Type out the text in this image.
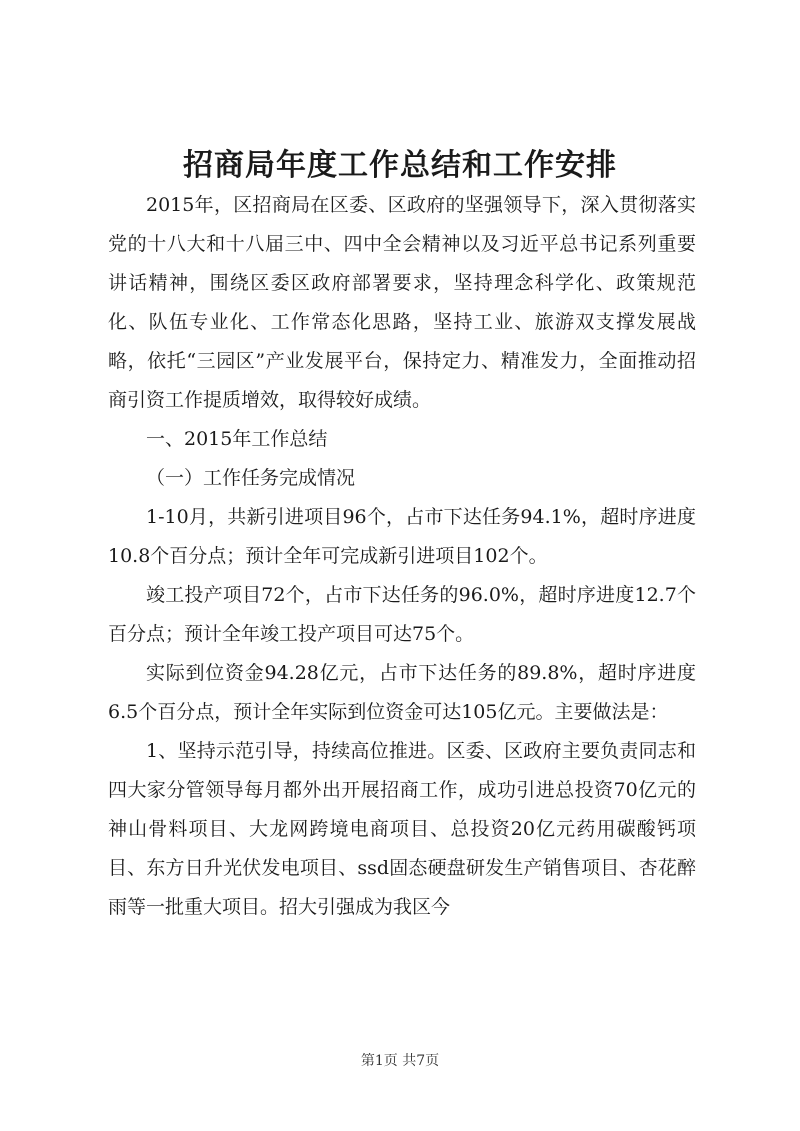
招商局年度工作总结和工作安排

2015年，区招商局在区委、区政府的坚强领导下，深入贯彻落实党的十八大和十八届三中、四中全会精神以及习近平总书记系列重要讲话精神，围绕区委区政府部署要求，坚持理念科学化、政策规范化、队伍专业化、工作常态化思路，坚持工业、旅游双支撑发展战略，依托“三园区”产业发展平台，保持定力、精准发力，全面推动招商引资工作提质增效，取得较好成绩。

一、2015年工作总结

（一）工作任务完成情况

1-10月，共新引进项目96个，占市下达任务94.1%，超时序进度10.8个百分点；预计全年可完成新引进项目102个。

竣工投产项目72个，占市下达任务的96.0%，超时序进度12.7个百分点；预计全年竣工投产项目可达75个。

实际到位资金94.28亿元，占市下达任务的89.8%，超时序进度6.5个百分点，预计全年实际到位资金可达105亿元。主要做法是：

1、坚持示范引导，持续高位推进。区委、区政府主要负责同志和四大家分管领导每月都外出开展招商工作，成功引进总投资70亿元的神山骨料项目、大龙网跨境电商项目、总投资20亿元药用碳酸钙项目、东方日升光伏发电项目、ssd固态硬盘研发生产销售项目、杏花醉雨等一批重大项目。招大引强成为我区今

第1页 共7页
